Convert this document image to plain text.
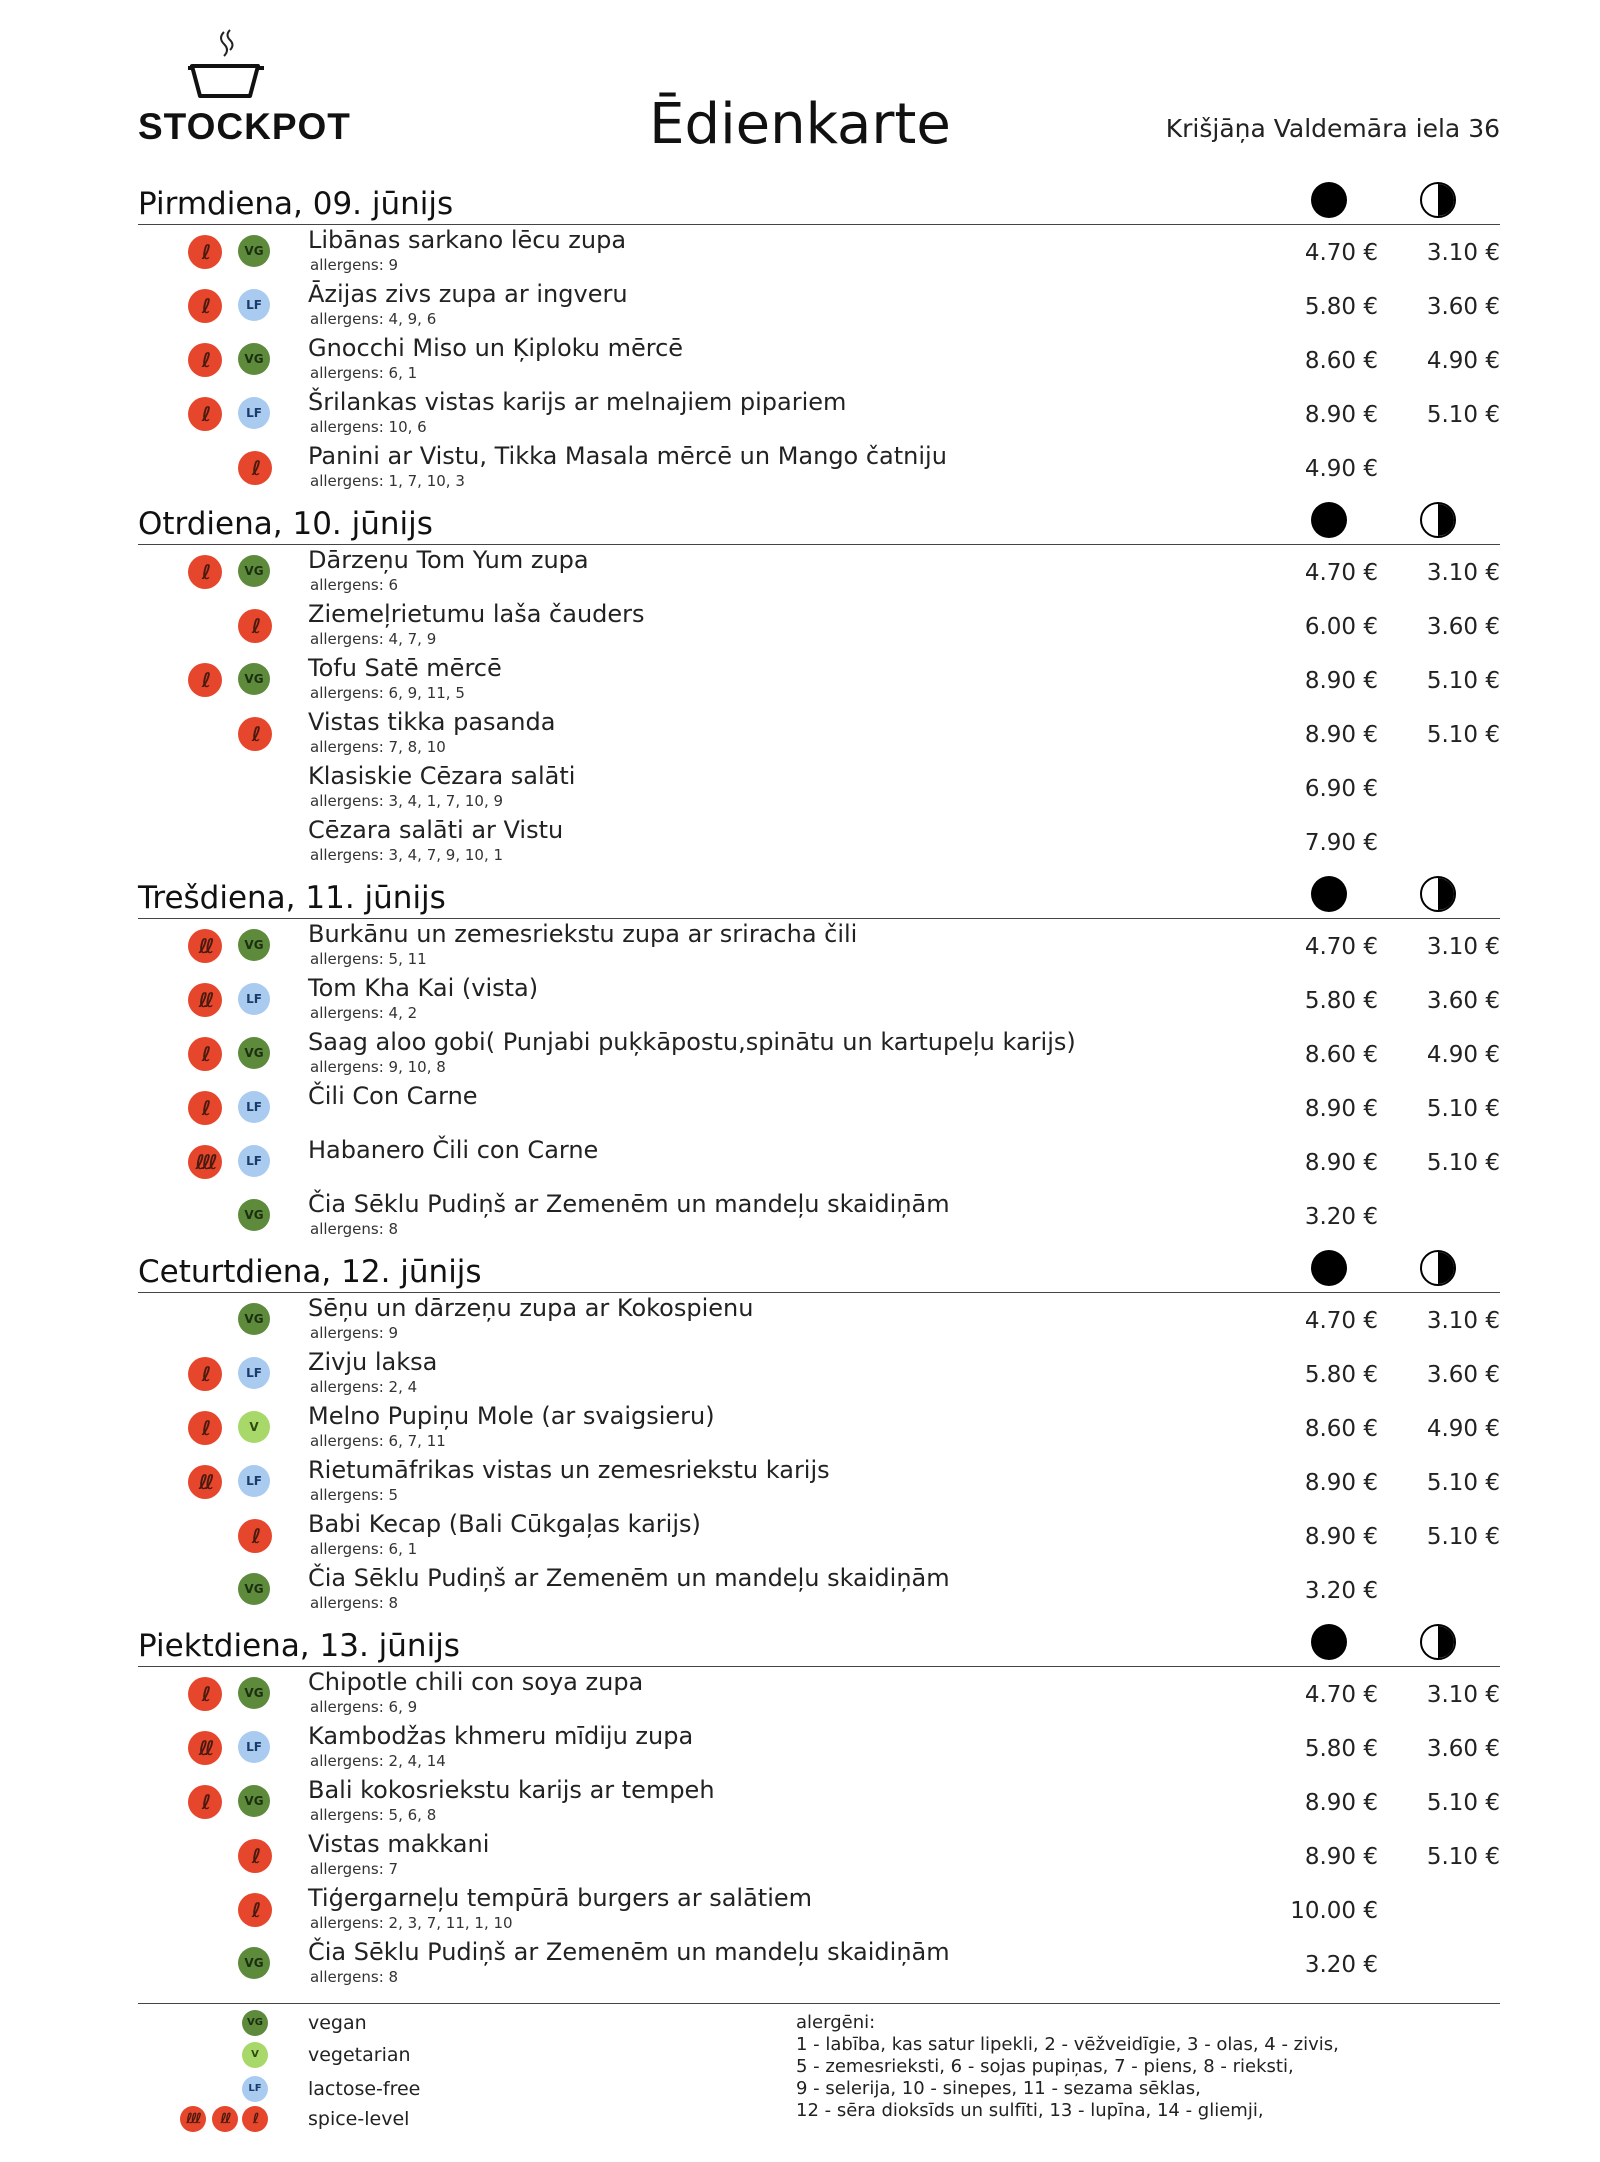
STOCKPOT	Ēdienkarte	Krišjāņa Valdemāra iela 36
Pirmdiena, 09. jūnijs
ℓ	VG Libānas sarkano lēcu zupa
allergens: 9	4.70 € 3.10 €
ℓ	LF	Āzijas zivs zupa ar ingveru
allergens: 4, 9, 6	5.80 € 3.60 €
ℓ	VG Gnocchi Miso un Ķiploku mērcē
allergens: 6, 1	8.60 € 4.90 €
ℓ	LF	Šrilankas vistas karijs ar melnajiem pipariem
allergens: 10, 6	8.90 € 5.10 €
ℓ	Panini ar Vistu, Tikka Masala mērcē un Mango čatniju
allergens: 1, 7, 10, 3	4.90 €
Otrdiena, 10. jūnijs
ℓ	VG Dārzeņu Tom Yum zupa
allergens: 6	4.70 € 3.10 €
ℓ	Ziemeļrietumu laša čauders
allergens: 4, 7, 9	6.00 € 3.60 €
ℓ	VG Tofu Satē mērcē
allergens: 6, 9, 11, 5	8.90 € 5.10 €
ℓ	Vistas tikka pasanda
allergens: 7, 8, 10	8.90 € 5.10 €
Klasiskie Cēzara salāti
allergens: 3, 4, 1, 7, 10, 9	6.90 €
Cēzara salāti ar Vistu
allergens: 3, 4, 7, 9, 10, 1	7.90 €
Trešdiena, 11. jūnijs
ℓℓ	VG Burkānu un zemesriekstu zupa ar sriracha čili
allergens: 5, 11	4.70 € 3.10 €
ℓℓ	LF	Tom Kha Kai (vista)
allergens: 4, 2	5.80 € 3.60 €
ℓ	VG Saag aloo gobi( Punjabi puķkāpostu,spinātu un kartupeļu karijs)
allergens: 9, 10, 8	8.60 € 4.90 €
ℓ	LF	Čili Con Carne	8.90 € 5.10 €
ℓℓℓ	LF	Habanero Čili con Carne	8.90 € 5.10 €
VG Čia Sēklu Pudiņš ar Zemenēm un mandeļu skaidiņām
allergens: 8	3.20 €
Ceturtdiena, 12. jūnijs
VG Sēņu un dārzeņu zupa ar Kokospienu
allergens: 9	4.70 € 3.10 €
ℓ	LF	Zivju laksa
allergens: 2, 4	5.80 € 3.60 €
ℓ	V	Melno Pupiņu Mole (ar svaigsieru)
allergens: 6, 7, 11	8.60 € 4.90 €
ℓℓ	LF	Rietumāfrikas vistas un zemesriekstu karijs
allergens: 5	8.90 € 5.10 €
ℓ	Babi Kecap (Bali Cūkgaļas karijs)
allergens: 6, 1	8.90 € 5.10 €
VG Čia Sēklu Pudiņš ar Zemenēm un mandeļu skaidiņām
allergens: 8	3.20 €
Piektdiena, 13. jūnijs
ℓ	VG Chipotle chili con soya zupa
allergens: 6, 9	4.70 € 3.10 €
ℓℓ	LF	Kambodžas khmeru mīdiju zupa
allergens: 2, 4, 14	5.80 € 3.60 €
ℓ	VG Bali kokosriekstu karijs ar tempeh
allergens: 5, 6, 8	8.90 € 5.10 €
ℓ	Vistas makkani
allergens: 7	8.90 € 5.10 €
ℓ	Tiģergarneļu tempūrā burgers ar salātiem
allergens: 2, 3, 7, 11, 1, 10	10.00 €
VG Čia Sēklu Pudiņš ar Zemenēm un mandeļu skaidiņām
allergens: 8	3.20 €
VG vegan
V	vegetarian
LF	lactose-free
ℓℓℓ	ℓℓ	ℓ	spice-level
alergēni:
1 - labība, kas satur lipekli, 2 - vēžveidīgie, 3 - olas, 4 - zivis,
5 - zemesrieksti, 6 - sojas pupiņas, 7 - piens, 8 - rieksti,
9 - selerija, 10 - sinepes, 11 - sezama sēklas,
12 - sēra dioksīds un sulfīti, 13 - lupīna, 14 - gliemji,
